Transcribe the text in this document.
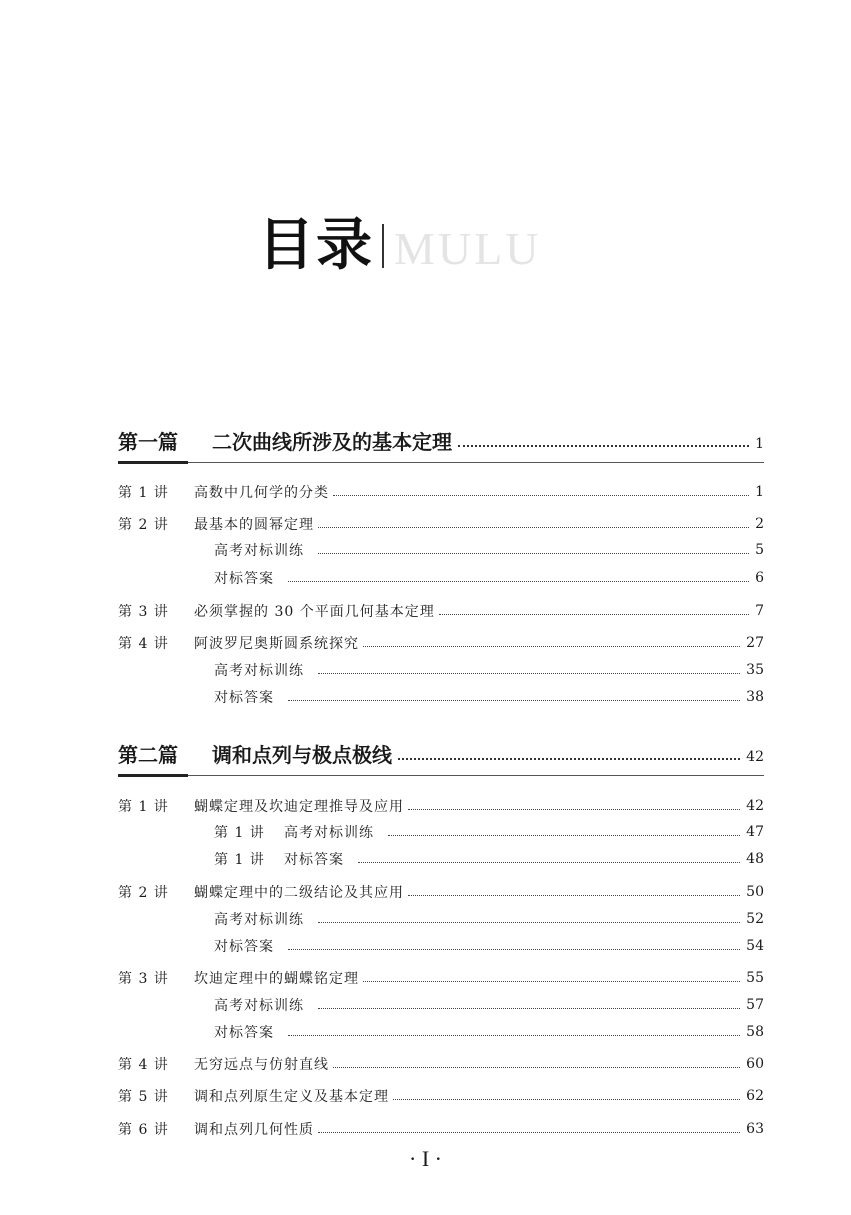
目录 MULU
第一篇	二次曲线所涉及的基本定理	1
第 1 讲	高数中几何学的分类	1
第 2 讲	最基本的圆幂定理	2
高考对标训练	5
对标答案	6
第 3 讲	必须掌握的 30 个平面几何基本定理	7
第 4 讲	阿波罗尼奥斯圆系统探究	27
高考对标训练	35
对标答案	38
第二篇	调和点列与极点极线	42
第 1 讲	蝴蝶定理及坎迪定理推导及应用	42
第 1 讲	高考对标训练	47
第 1 讲	对标答案	48
第 2 讲	蝴蝶定理中的二级结论及其应用	50
高考对标训练	52
对标答案	54
第 3 讲	坎迪定理中的蝴蝶铭定理	55
高考对标训练	57
对标答案	58
第 4 讲	无穷远点与仿射直线	60
第 5 讲	调和点列原生定义及基本定理	62
第 6 讲	调和点列几何性质	63
· I ·
